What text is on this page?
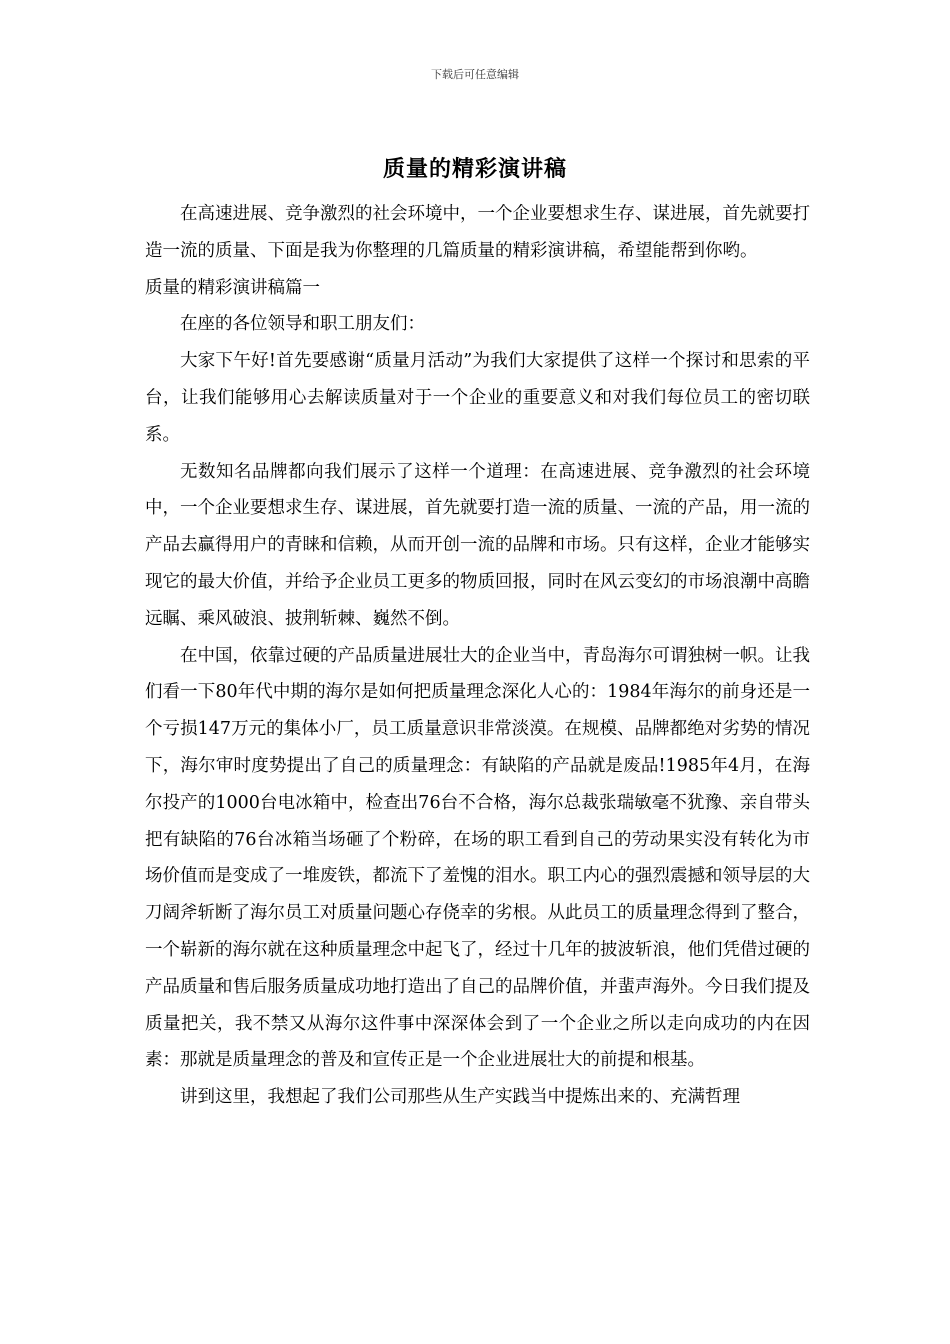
下载后可任意编辑
质量的精彩演讲稿

在高速进展、竞争激烈的社会环境中，一个企业要想求生存、谋进展，首先就要打造一流的质量、下面是我为你整理的几篇质量的精彩演讲稿，希望能帮到你哟。

质量的精彩演讲稿篇一

在座的各位领导和职工朋友们：

大家下午好!首先要感谢“质量月活动”为我们大家提供了这样一个探讨和思索的平台，让我们能够用心去解读质量对于一个企业的重要意义和对我们每位员工的密切联系。

无数知名品牌都向我们展示了这样一个道理：在高速进展、竞争激烈的社会环境中，一个企业要想求生存、谋进展，首先就要打造一流的质量、一流的产品，用一流的产品去赢得用户的青睐和信赖，从而开创一流的品牌和市场。只有这样，企业才能够实现它的最大价值，并给予企业员工更多的物质回报，同时在风云变幻的市场浪潮中高瞻远瞩、乘风破浪、披荆斩棘、巍然不倒。

在中国，依靠过硬的产品质量进展壮大的企业当中，青岛海尔可谓独树一帜。让我们看一下80年代中期的海尔是如何把质量理念深化人心的：1984年海尔的前身还是一个亏损147万元的集体小厂，员工质量意识非常淡漠。在规模、品牌都绝对劣势的情况下，海尔审时度势提出了自己的质量理念：有缺陷的产品就是废品!1985年4月，在海尔投产的1000台电冰箱中，检查出76台不合格，海尔总裁张瑞敏毫不犹豫、亲自带头把有缺陷的76台冰箱当场砸了个粉碎，在场的职工看到自己的劳动果实没有转化为市场价值而是变成了一堆废铁，都流下了羞愧的泪水。职工内心的强烈震撼和领导层的大刀阔斧斩断了海尔员工对质量问题心存侥幸的劣根。从此员工的质量理念得到了整合，一个崭新的海尔就在这种质量理念中起飞了，经过十几年的披波斩浪，他们凭借过硬的产品质量和售后服务质量成功地打造出了自己的品牌价值，并蜚声海外。今日我们提及质量把关，我不禁又从海尔这件事中深深体会到了一个企业之所以走向成功的内在因素：那就是质量理念的普及和宣传正是一个企业进展壮大的前提和根基。

讲到这里，我想起了我们公司那些从生产实践当中提炼出来的、充满哲理
